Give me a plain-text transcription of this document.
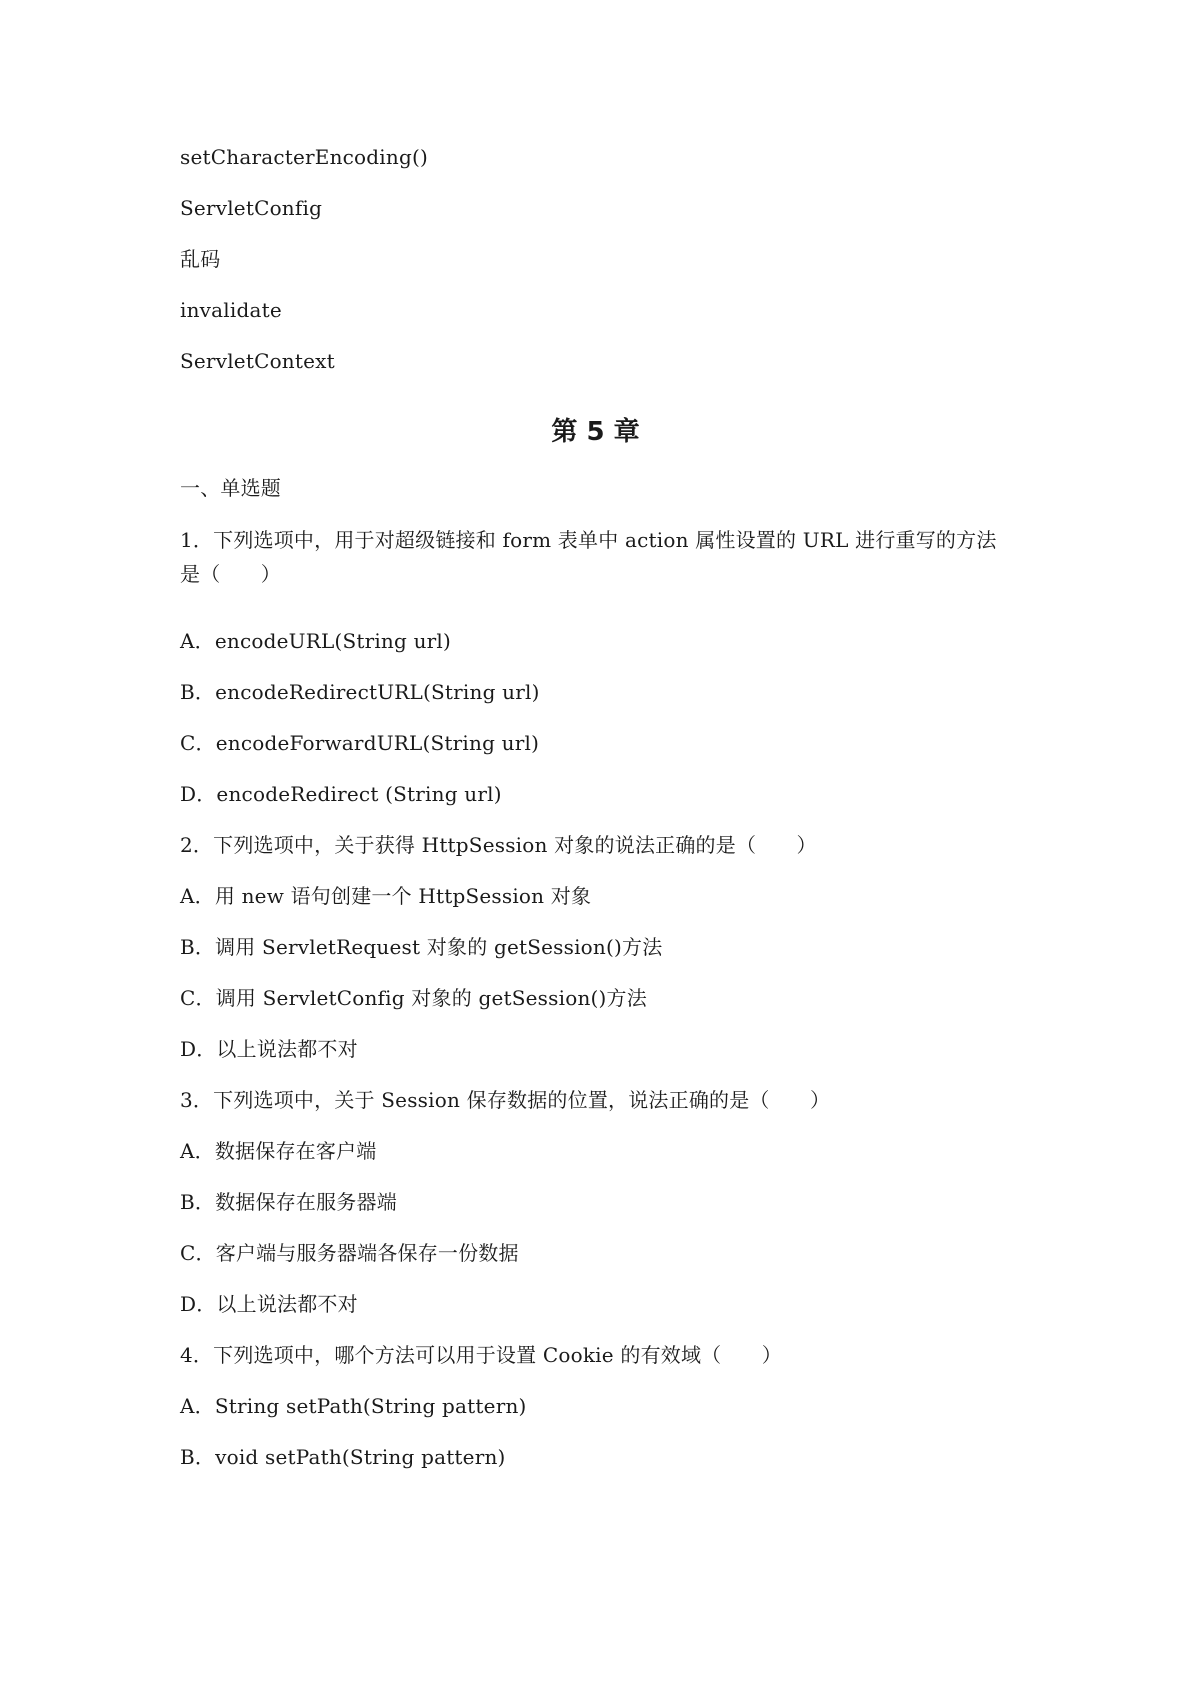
setCharacterEncoding()
ServletConfig
乱码
invalidate
ServletContext
第 5 章
一、单选题
1．下列选项中，用于对超级链接和 form 表单中 action 属性设置的 URL 进行重写的方法是（　　）
A．encodeURL(String url)
B．encodeRedirectURL(String url)
C．encodeForwardURL(String url)
D．encodeRedirect (String url)
2．下列选项中，关于获得 HttpSession 对象的说法正确的是（　　）
A．用 new 语句创建一个 HttpSession 对象
B．调用 ServletRequest 对象的 getSession()方法
C．调用 ServletConfig 对象的 getSession()方法
D．以上说法都不对
3．下列选项中，关于 Session 保存数据的位置，说法正确的是（　　）
A．数据保存在客户端
B．数据保存在服务器端
C．客户端与服务器端各保存一份数据
D．以上说法都不对
4．下列选项中，哪个方法可以用于设置 Cookie 的有效域（　　）
A．String setPath(String pattern)
B．void setPath(String pattern)
